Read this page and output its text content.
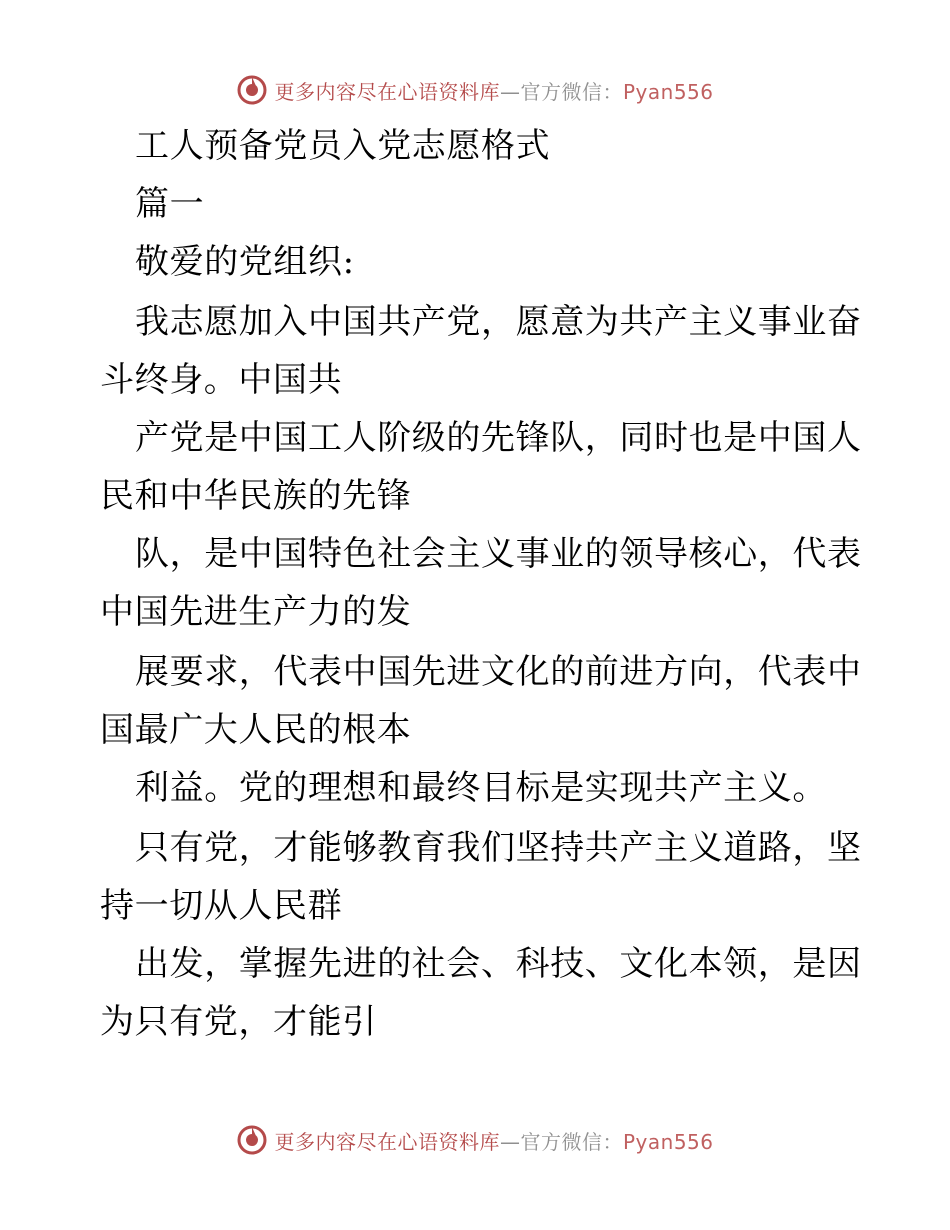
更多内容尽在心语资料库—官方微信：Pyan556
工人预备党员入党志愿格式
篇一
敬爱的党组织:
我志愿加入中国共产党，愿意为共产主义事业奋
斗终身。中国共
产党是中国工人阶级的先锋队，同时也是中国人
民和中华民族的先锋
队，是中国特色社会主义事业的领导核心，代表
中国先进生产力的发
展要求，代表中国先进文化的前进方向，代表中
国最广大人民的根本
利益。党的理想和最终目标是实现共产主义。
只有党，才能够教育我们坚持共产主义道路，坚
持一切从人民群
出发，掌握先进的社会、科技、文化本领，是因
为只有党，才能引
更多内容尽在心语资料库—官方微信：Pyan556
